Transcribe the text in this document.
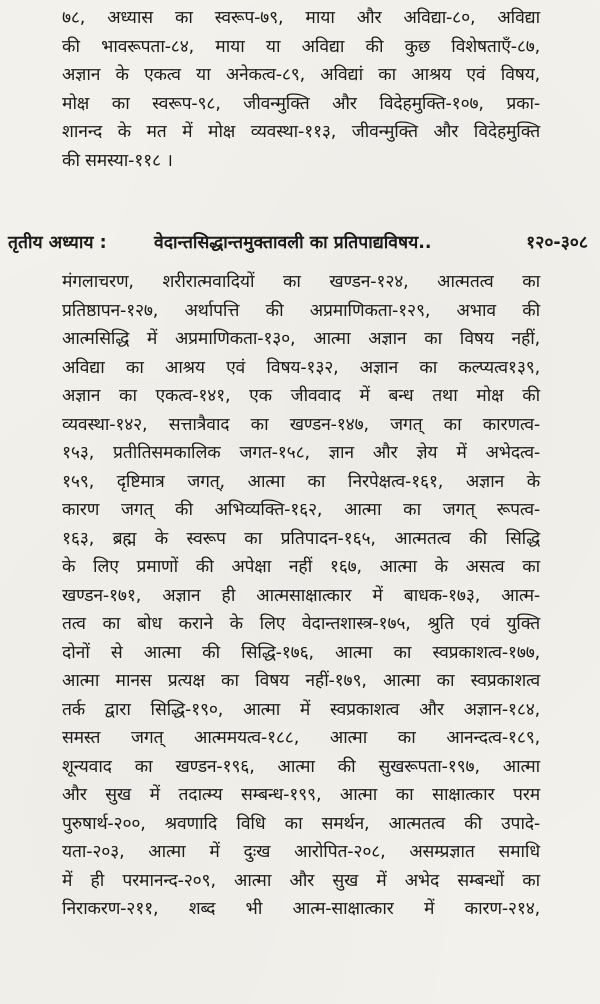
७८, अध्यास का स्वरूप-७९, माया और अविद्या-८०, अविद्या
की भावरूपता-८४, माया या अविद्या की कुछ विशेषताएँ-८७,
अज्ञान के एकत्व या अनेकत्व-८९, अविद्यां का आश्रय एवं विषय,
मोक्ष का स्वरूप-९८, जीवन्मुक्ति और विदेहमुक्ति-१०७, प्रका-
शानन्द के मत में मोक्ष व्यवस्था-११३, जीवन्मुक्ति और विदेहमुक्ति
की समस्या-११८ ।
तृतीय अध्याय :	वेदान्तसिद्धान्तमुक्तावली का प्रतिपाद्यविषय..	१२०-३०८
मंगलाचरण, शरीरात्मवादियों का खण्डन-१२४, आत्मतत्व का
प्रतिष्ठापन-१२७, अर्थापत्ति की अप्रमाणिकता-१२९, अभाव की
आत्मसिद्धि में अप्रमाणिकता-१३०, आत्मा अज्ञान का विषय नहीं,
अविद्या का आश्रय एवं विषय-१३२, अज्ञान का कल्प्यत्व१३९,
अज्ञान का एकत्व-१४१, एक जीववाद में बन्ध तथा मोक्ष की
व्यवस्था-१४२, सत्तात्रैवाद का खण्डन-१४७, जगत् का कारणत्व-
१५३, प्रतीतिसमकालिक जगत-१५८, ज्ञान और ज्ञेय में अभेदत्व-
१५९, दृष्टिमात्र जगत्, आत्मा का निरपेक्षत्व-१६१, अज्ञान के
कारण जगत् की अभिव्यक्ति-१६२, आत्मा का जगत् रूपत्व-
१६३, ब्रह्म के स्वरूप का प्रतिपादन-१६५, आत्मतत्व की सिद्धि
के लिए प्रमाणों की अपेक्षा नहीं १६७, आत्मा के असत्व का
खण्डन-१७१, अज्ञान ही आत्मसाक्षात्कार में बाधक-१७३, आत्म-
तत्व का बोध कराने के लिए वेदान्तशास्त्र-१७५, श्रुति एवं युक्ति
दोनों से आत्मा की सिद्धि-१७६, आत्मा का स्वप्रकाशत्व-१७७,
आत्मा मानस प्रत्यक्ष का विषय नहीं-१७९, आत्मा का स्वप्रकाशत्व
तर्क द्वारा सिद्धि-१९०, आत्मा में स्वप्रकाशत्व और अज्ञान-१८४,
समस्त जगत् आत्ममयत्व-१८८, आत्मा का आनन्दत्व-१८९,
शून्यवाद का खण्डन-१९६, आत्मा की सुखरूपता-१९७, आत्मा
और सुख में तदात्म्य सम्बन्ध-१९९, आत्मा का साक्षात्कार परम
पुरुषार्थ-२००, श्रवणादि विधि का समर्थन, आत्मतत्व की उपादे-
यता-२०३, आत्मा में दुःख आरोपित-२०८, असम्प्रज्ञात समाधि
में ही परमानन्द-२०९, आत्मा और सुख में अभेद सम्बन्धों का
निराकरण-२११, शब्द भी आत्म-साक्षात्कार में कारण-२१४,
